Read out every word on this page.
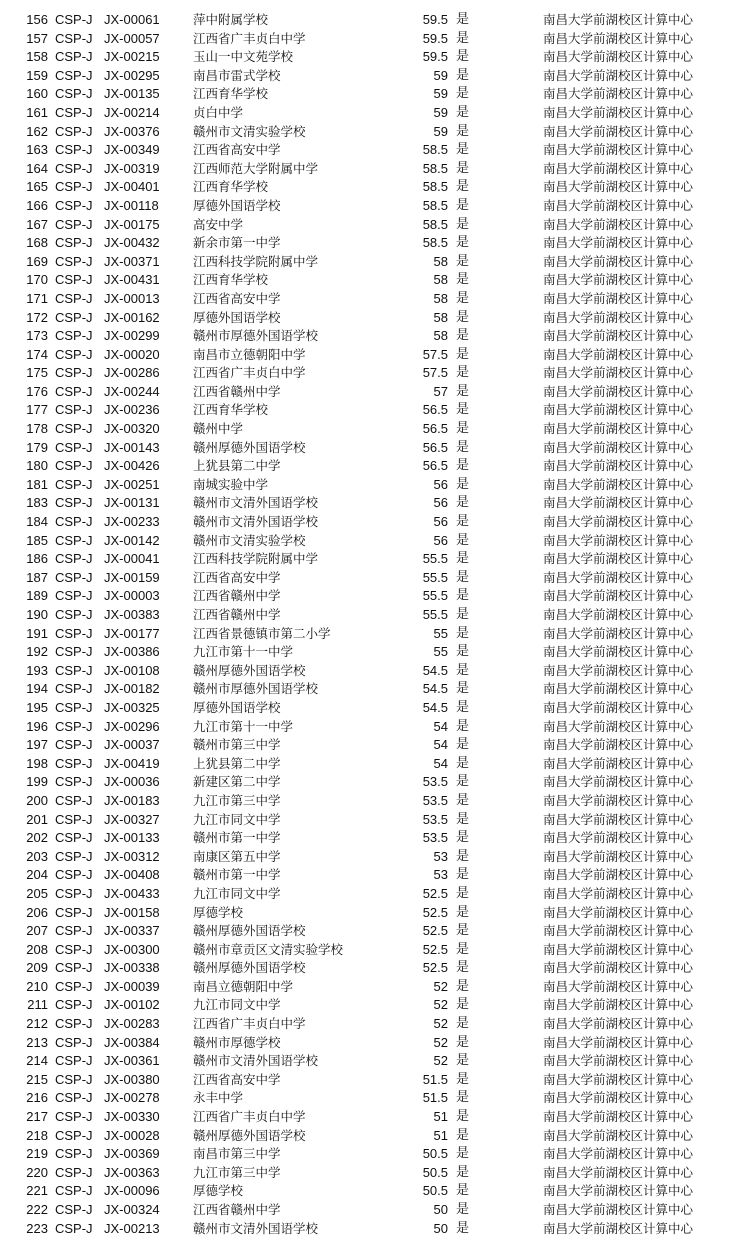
156 CSP-J JX-00061	萍中附属学校	59.5 是	南昌大学前湖校区计算中心
157 CSP-J JX-00057	江西省广丰贞白中学	59.5 是	南昌大学前湖校区计算中心
158 CSP-J JX-00215	玉山一中文苑学校	59.5 是	南昌大学前湖校区计算中心
159 CSP-J JX-00295	南昌市雷式学校	59 是	南昌大学前湖校区计算中心
160 CSP-J JX-00135	江西育华学校	59 是	南昌大学前湖校区计算中心
161 CSP-J JX-00214	贞白中学	59 是	南昌大学前湖校区计算中心
162 CSP-J JX-00376	赣州市文清实验学校	59 是	南昌大学前湖校区计算中心
163 CSP-J JX-00349	江西省高安中学	58.5 是	南昌大学前湖校区计算中心
164 CSP-J JX-00319	江西师范大学附属中学	58.5 是	南昌大学前湖校区计算中心
165 CSP-J JX-00401	江西育华学校	58.5 是	南昌大学前湖校区计算中心
166 CSP-J JX-00118	厚德外国语学校	58.5 是	南昌大学前湖校区计算中心
167 CSP-J JX-00175	高安中学	58.5 是	南昌大学前湖校区计算中心
168 CSP-J JX-00432	新余市第一中学	58.5 是	南昌大学前湖校区计算中心
169 CSP-J JX-00371	江西科技学院附属中学	58 是	南昌大学前湖校区计算中心
170 CSP-J JX-00431	江西育华学校	58 是	南昌大学前湖校区计算中心
171 CSP-J JX-00013	江西省高安中学	58 是	南昌大学前湖校区计算中心
172 CSP-J JX-00162	厚德外国语学校	58 是	南昌大学前湖校区计算中心
173 CSP-J JX-00299	赣州市厚德外国语学校	58 是	南昌大学前湖校区计算中心
174 CSP-J JX-00020	南昌市立德朝阳中学	57.5 是	南昌大学前湖校区计算中心
175 CSP-J JX-00286	江西省广丰贞白中学	57.5 是	南昌大学前湖校区计算中心
176 CSP-J JX-00244	江西省赣州中学	57 是	南昌大学前湖校区计算中心
177 CSP-J JX-00236	江西育华学校	56.5 是	南昌大学前湖校区计算中心
178 CSP-J JX-00320	赣州中学	56.5 是	南昌大学前湖校区计算中心
179 CSP-J JX-00143	赣州厚德外国语学校	56.5 是	南昌大学前湖校区计算中心
180 CSP-J JX-00426	上犹县第二中学	56.5 是	南昌大学前湖校区计算中心
181 CSP-J JX-00251	南城实验中学	56 是	南昌大学前湖校区计算中心
183 CSP-J JX-00131	赣州市文清外国语学校	56 是	南昌大学前湖校区计算中心
184 CSP-J JX-00233	赣州市文清外国语学校	56 是	南昌大学前湖校区计算中心
185 CSP-J JX-00142	赣州市文清实验学校	56 是	南昌大学前湖校区计算中心
186 CSP-J JX-00041	江西科技学院附属中学	55.5 是	南昌大学前湖校区计算中心
187 CSP-J JX-00159	江西省高安中学	55.5 是	南昌大学前湖校区计算中心
189 CSP-J JX-00003	江西省赣州中学	55.5 是	南昌大学前湖校区计算中心
190 CSP-J JX-00383	江西省赣州中学	55.5 是	南昌大学前湖校区计算中心
191 CSP-J JX-00177	江西省景德镇市第二小学	55 是	南昌大学前湖校区计算中心
192 CSP-J JX-00386	九江市第十一中学	55 是	南昌大学前湖校区计算中心
193 CSP-J JX-00108	赣州厚德外国语学校	54.5 是	南昌大学前湖校区计算中心
194 CSP-J JX-00182	赣州市厚德外国语学校	54.5 是	南昌大学前湖校区计算中心
195 CSP-J JX-00325	厚德外国语学校	54.5 是	南昌大学前湖校区计算中心
196 CSP-J JX-00296	九江市第十一中学	54 是	南昌大学前湖校区计算中心
197 CSP-J JX-00037	赣州市第三中学	54 是	南昌大学前湖校区计算中心
198 CSP-J JX-00419	上犹县第二中学	54 是	南昌大学前湖校区计算中心
199 CSP-J JX-00036	新建区第二中学	53.5 是	南昌大学前湖校区计算中心
200 CSP-J JX-00183	九江市第三中学	53.5 是	南昌大学前湖校区计算中心
201 CSP-J JX-00327	九江市同文中学	53.5 是	南昌大学前湖校区计算中心
202 CSP-J JX-00133	赣州市第一中学	53.5 是	南昌大学前湖校区计算中心
203 CSP-J JX-00312	南康区第五中学	53 是	南昌大学前湖校区计算中心
204 CSP-J JX-00408	赣州市第一中学	53 是	南昌大学前湖校区计算中心
205 CSP-J JX-00433	九江市同文中学	52.5 是	南昌大学前湖校区计算中心
206 CSP-J JX-00158	厚德学校	52.5 是	南昌大学前湖校区计算中心
207 CSP-J JX-00337	赣州厚德外国语学校	52.5 是	南昌大学前湖校区计算中心
208 CSP-J JX-00300	赣州市章贡区文清实验学校	52.5 是	南昌大学前湖校区计算中心
209 CSP-J JX-00338	赣州厚德外国语学校	52.5 是	南昌大学前湖校区计算中心
210 CSP-J JX-00039	南昌立德朝阳中学	52 是	南昌大学前湖校区计算中心
211 CSP-J JX-00102	九江市同文中学	52 是	南昌大学前湖校区计算中心
212 CSP-J JX-00283	江西省广丰贞白中学	52 是	南昌大学前湖校区计算中心
213 CSP-J JX-00384	赣州市厚德学校	52 是	南昌大学前湖校区计算中心
214 CSP-J JX-00361	赣州市文清外国语学校	52 是	南昌大学前湖校区计算中心
215 CSP-J JX-00380	江西省高安中学	51.5 是	南昌大学前湖校区计算中心
216 CSP-J JX-00278	永丰中学	51.5 是	南昌大学前湖校区计算中心
217 CSP-J JX-00330	江西省广丰贞白中学	51 是	南昌大学前湖校区计算中心
218 CSP-J JX-00028	赣州厚德外国语学校	51 是	南昌大学前湖校区计算中心
219 CSP-J JX-00369	南昌市第三中学	50.5 是	南昌大学前湖校区计算中心
220 CSP-J JX-00363	九江市第三中学	50.5 是	南昌大学前湖校区计算中心
221 CSP-J JX-00096	厚德学校	50.5 是	南昌大学前湖校区计算中心
222 CSP-J JX-00324	江西省赣州中学	50 是	南昌大学前湖校区计算中心
223 CSP-J JX-00213	赣州市文清外国语学校	50 是	南昌大学前湖校区计算中心
